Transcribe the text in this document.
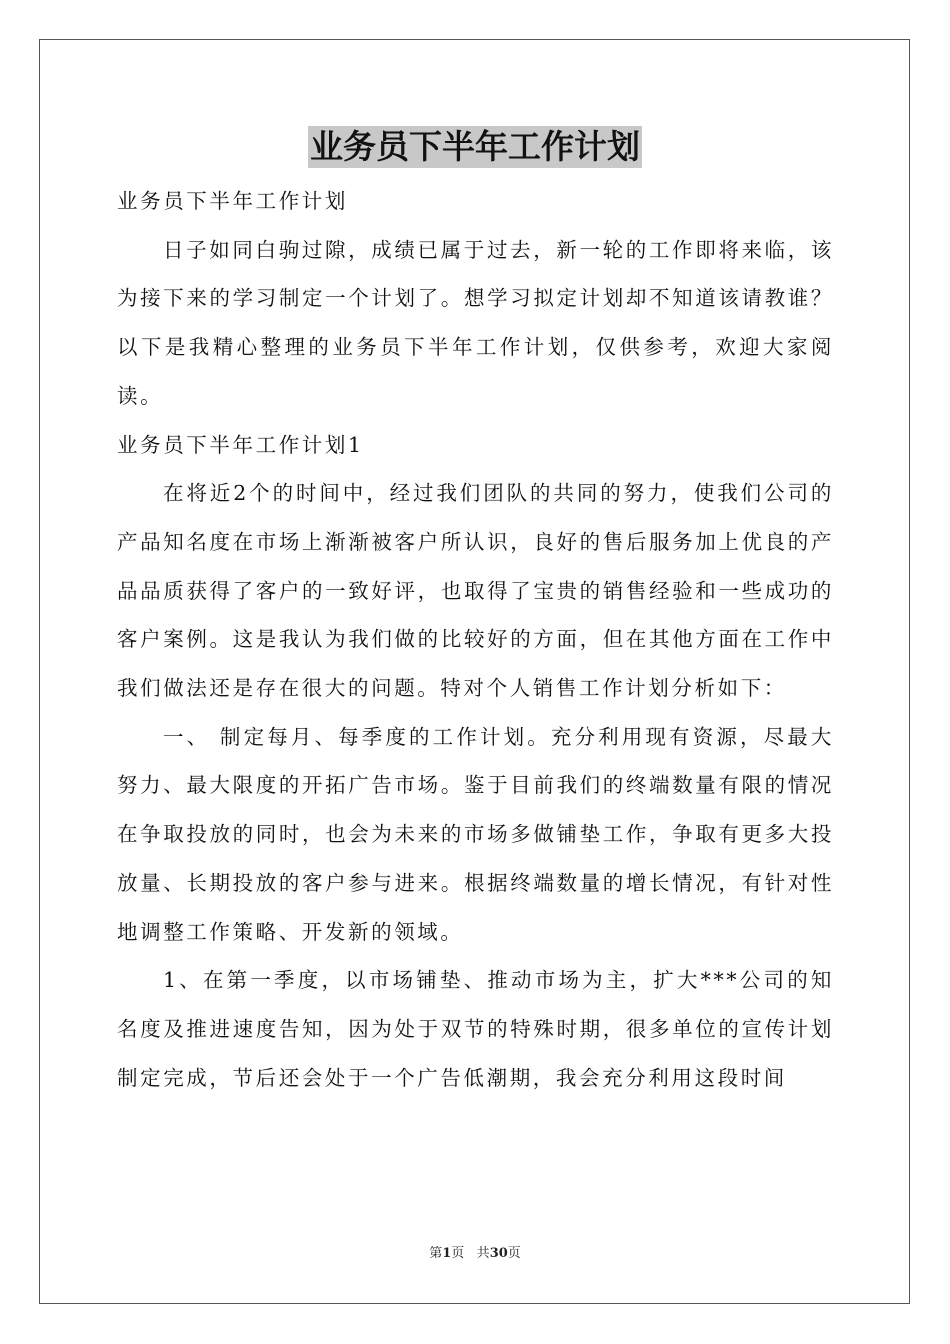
业务员下半年工作计划

业务员下半年工作计划

日子如同白驹过隙，成绩已属于过去，新一轮的工作即将来临，该为接下来的学习制定一个计划了。想学习拟定计划却不知道该请教谁？以下是我精心整理的业务员下半年工作计划，仅供参考，欢迎大家阅读。

业务员下半年工作计划1

在将近2个的时间中，经过我们团队的共同的努力，使我们公司的产品知名度在市场上渐渐被客户所认识，良好的售后服务加上优良的产品品质获得了客户的一致好评，也取得了宝贵的销售经验和一些成功的客户案例。这是我认为我们做的比较好的方面，但在其他方面在工作中我们做法还是存在很大的问题。特对个人销售工作计划分析如下：

一、 制定每月、每季度的工作计划。充分利用现有资源，尽最大努力、最大限度的开拓广告市场。鉴于目前我们的终端数量有限的情况在争取投放的同时，也会为未来的市场多做铺垫工作，争取有更多大投放量、长期投放的客户参与进来。根据终端数量的增长情况，有针对性地调整工作策略、开发新的领域。

1、在第一季度，以市场铺垫、推动市场为主，扩大***公司的知名度及推进速度告知，因为处于双节的特殊时期，很多单位的宣传计划制定完成，节后还会处于一个广告低潮期，我会充分利用这段时间

第1页 共30页
